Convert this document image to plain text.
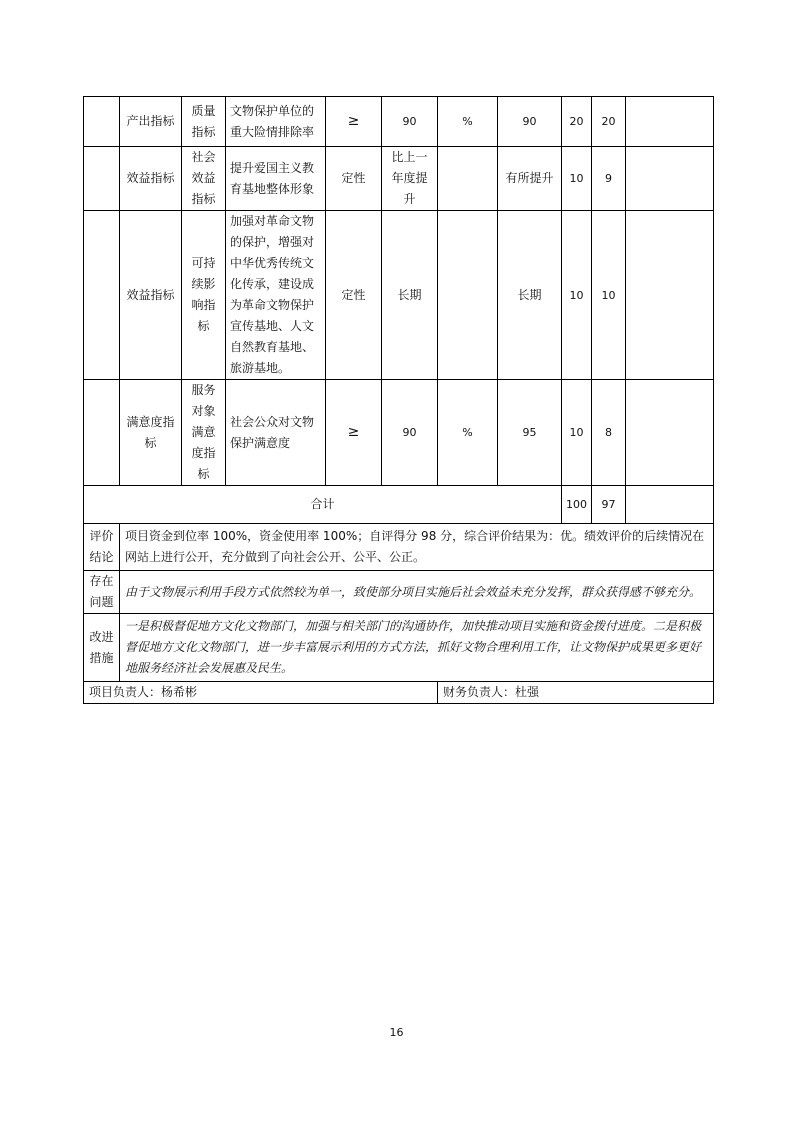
	产出指标	质量指标	文物保护单位的重大险情排除率	≥	90	%	90	20	20	
	效益指标	社会效益指标	提升爱国主义教育基地整体形象	定性	比上一年度提升		有所提升	10	9	
	效益指标	可持续影响指标	加强对革命文物的保护，增强对中华优秀传统文化传承，建设成为革命文物保护宣传基地、人文自然教育基地、旅游基地。	定性	长期		长期	10	10	
	满意度指标	服务对象满意度指标	社会公众对文物保护满意度	≥	90	%	95	10	8	
合计								100	97	
评价结论	项目资金到位率 100%，资金使用率 100%；自评得分 98 分，综合评价结果为：优。绩效评价的后续情况在网站上进行公开，充分做到了向社会公开、公平、公正。									
存在问题	由于文物展示利用手段方式依然较为单一，致使部分项目实施后社会效益未充分发挥，群众获得感不够充分。									
改进措施	一是积极督促地方文化文物部门，加强与相关部门的沟通协作，加快推动项目实施和资金拨付进度。二是积极督促地方文化文物部门，进一步丰富展示利用的方式方法，抓好文物合理利用工作，让文物保护成果更多更好地服务经济社会发展惠及民生。									
项目负责人：杨希彬						财务负责人：杜强				
16
